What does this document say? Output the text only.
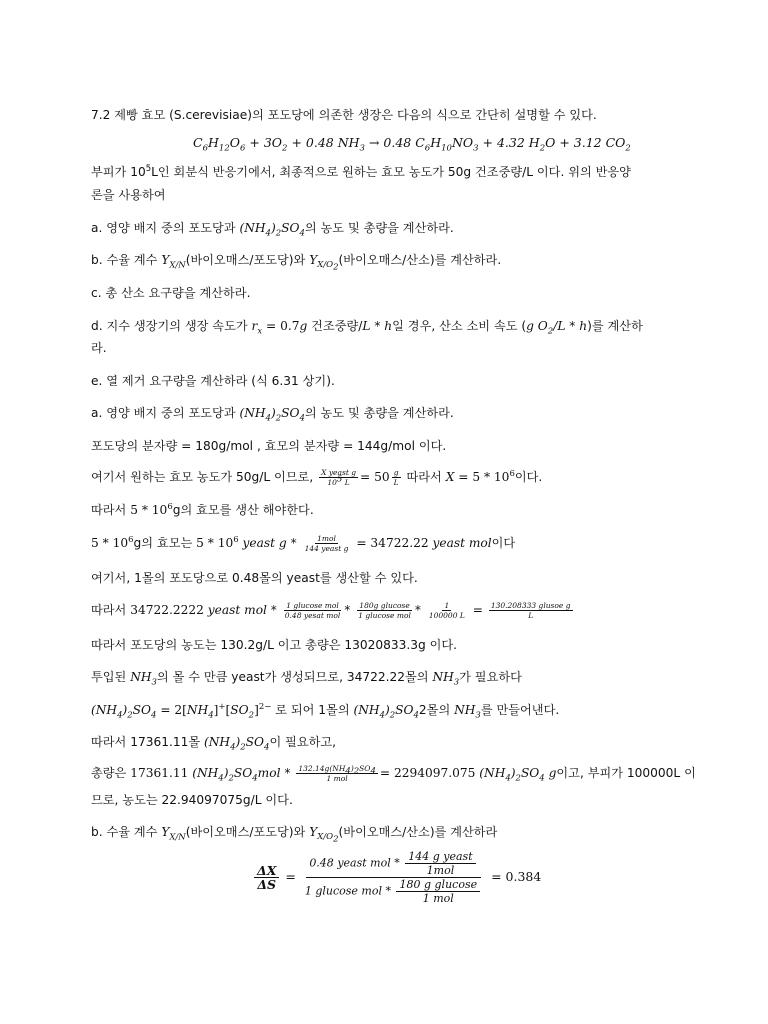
7.2 제빵 효모 (S.cerevisiae)의 포도당에 의존한 생장은 다음의 식으로 간단히 설명할 수 있다.
$C_6H_{12}O_6 + 3O_2 + 0.48$ $NH_3 \to 0.48$ $C_6H_{10}NO_3 + 4.32$ $H_2O + 3.12$ $CO_2$
부피가 $10^5L$인 회분식 반응기에서, 최종적으로 원하는 효모 농도가 50g 건조중량/L 이다. 위의 반응양
론을 사용하여
a. 영양 배지 중의 포도당과 $(NH_4)_2SO_4$의 농도 및 총량을 계산하라.
b. 수율 계수 $Y_{X/N}$(바이오매스/포도당)와 $Y_{X/O_2}$(바이오매스/산소)를 계산하라.
c. 총 산소 요구량을 계산하라.
d. 지수 생장기의 생장 속도가 $r_x = 0.7g$ 건조중량/L * h일 경우, 산소 소비 속도 (g $O_2/L * h$)를 계산하
라.
e. 열 제거 요구량을 계산하라 (식 6.31 상기).
a. 영양 배지 중의 포도당과 $(NH_4)_2SO_4$의 농도 및 총량을 계산하라.
포도당의 분자량 = 180g/mol , 효모의 분자량 = 144g/mol 이다.
여기서 원하는 효모 농도가 50g/L 이므로, $\frac{\text{X yeast g}}{10^5 L} = 50 \frac{g}{L}$ 따라서 $X = 5 * 10^6$이다.
따라서 $5 * 10^6g$의 효모를 생산 해야한다.
$5 * 10^6g$의 효모는 $5 * 10^6$ yeast $g * \frac{\text{1mol}}{\text{144 yeast g}} = 34722.22$ yeast mol이다
여기서, 1몰의 포도당으로 0.48몰의 yeast를 생산할 수 있다.
따라서 34722.2222 yeast mol * $\frac{\text{1 glucose mol}}{\text{0.48 yesat mol}} * \frac{\text{180g glucose}}{\text{1 glucose mol}} * \frac{1}{100000 L} = \frac{\text{130.208333 glusoe g}}{L}$
따라서 포도당의 농도는 130.2g/L 이고 총량은 13020833.3g 이다.
투입된 $NH_3$의 몰 수 만큼 yeast가 생성되므로, 34722.22몰의 $NH_3$가 필요하다
$(NH_4)_2SO_4 = 2[NH_4]^+[SO_2]^{2-}$ 로 되어 1몰의 $(NH_4)_2SO_42$몰의 $NH_3$를 만들어낸다.
따라서 17361.11몰 $(NH_4)_2SO_4$이 필요하고,
총량은 17361.11 $(NH_4)_2SO_4mol * \frac{132.14g(NH_4)_2SO_4}{\text{1 mol}} = 2294097.075$ $(NH_4)_2SO_4$ g이고, 부피가 100000L 이
므로, 농도는 22.94097075g/L 이다.
b. 수율 계수 $Y_{X/N}$(바이오매스/포도당)와 $Y_{X/O_2}$(바이오매스/산소)를 계산하라
$\frac{\Delta X}{\Delta S} = \frac{0.48 yeast mol * \frac{\text{144 g yeast}}{\text{1mol}}}{1 glucose mol * \frac{\text{180 g glucose}}{\text{1 mol}}} = 0.384$
